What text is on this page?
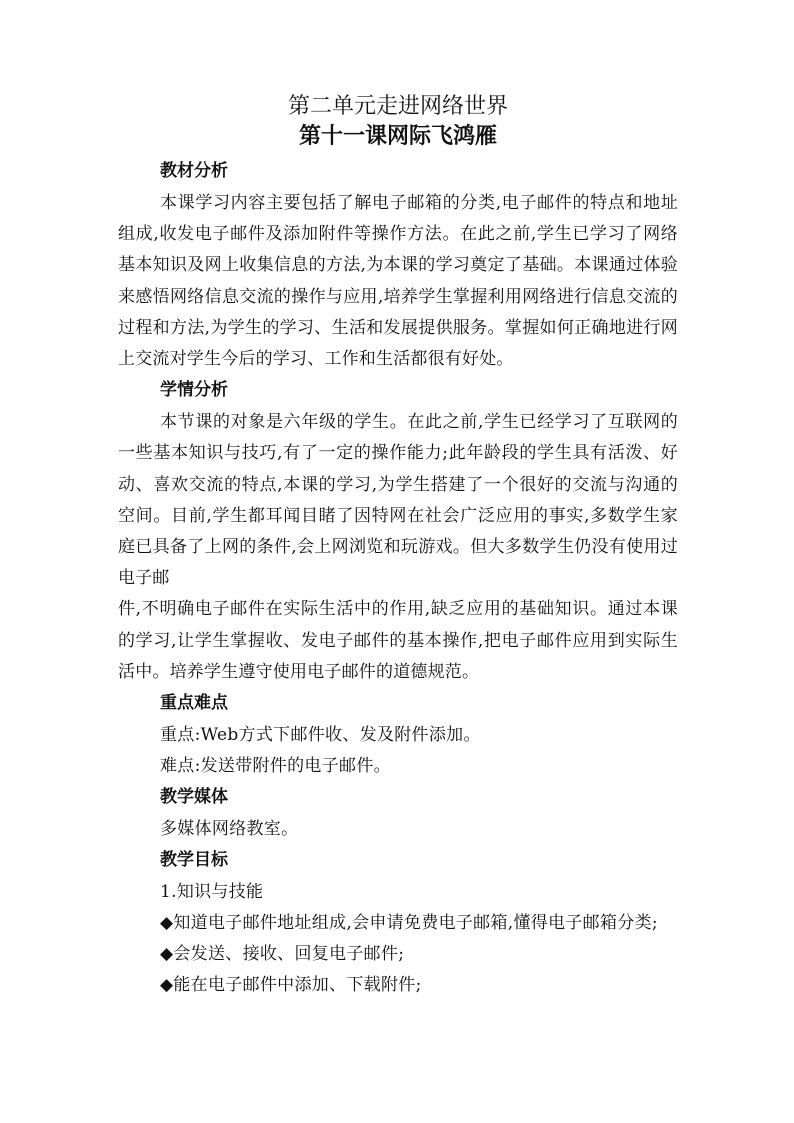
第二单元走进网络世界
第十一课网际飞鸿雁
教材分析

本课学习内容主要包括了解电子邮箱的分类,电子邮件的特点和地址组成,收发电子邮件及添加附件等操作方法。在此之前,学生已学习了网络基本知识及网上收集信息的方法,为本课的学习奠定了基础。本课通过体验来感悟网络信息交流的操作与应用,培养学生掌握利用网络进行信息交流的过程和方法,为学生的学习、生活和发展提供服务。掌握如何正确地进行网上交流对学生今后的学习、工作和生活都很有好处。

学情分析

本节课的对象是六年级的学生。在此之前,学生已经学习了互联网的一些基本知识与技巧,有了一定的操作能力;此年龄段的学生具有活泼、好动、喜欢交流的特点,本课的学习,为学生搭建了一个很好的交流与沟通的空间。目前,学生都耳闻目睹了因特网在社会广泛应用的事实,多数学生家庭已具备了上网的条件,会上网浏览和玩游戏。但大多数学生仍没有使用过电子邮

件,不明确电子邮件在实际生活中的作用,缺乏应用的基础知识。通过本课的学习,让学生掌握收、发电子邮件的基本操作,把电子邮件应用到实际生活中。培养学生遵守使用电子邮件的道德规范。

重点难点

重点:Web方式下邮件收、发及附件添加。

难点:发送带附件的电子邮件。

教学媒体

多媒体网络教室。

教学目标

1.知识与技能

◆知道电子邮件地址组成,会申请免费电子邮箱,懂得电子邮箱分类;

◆会发送、接收、回复电子邮件;

◆能在电子邮件中添加、下载附件;
